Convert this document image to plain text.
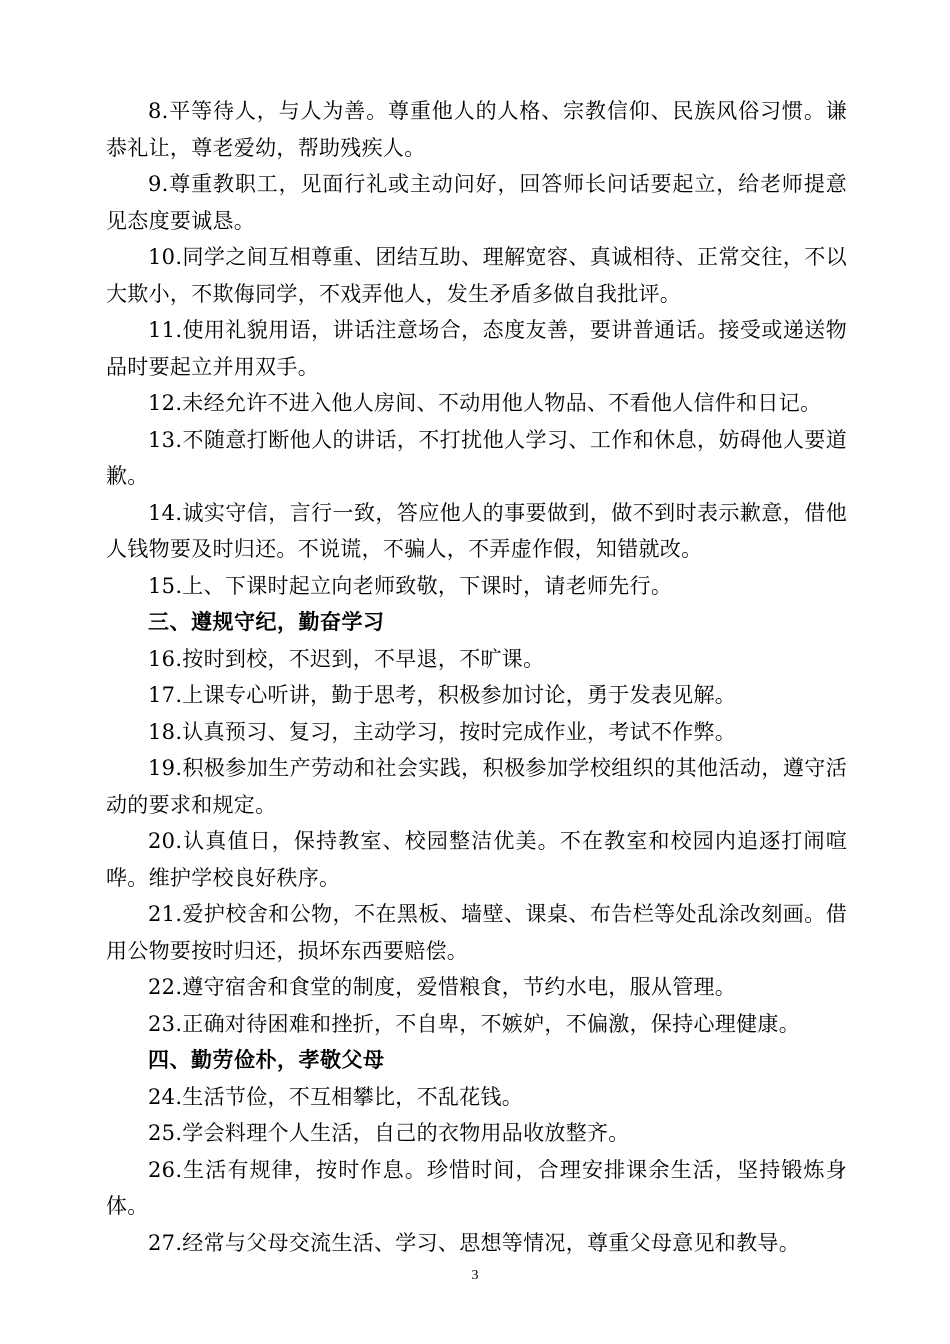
8.平等待人，与人为善。尊重他人的人格、宗教信仰、民族风俗习惯。谦恭礼让，尊老爱幼，帮助残疾人。

9.尊重教职工，见面行礼或主动问好，回答师长问话要起立，给老师提意见态度要诚恳。

10.同学之间互相尊重、团结互助、理解宽容、真诚相待、正常交往，不以大欺小，不欺侮同学，不戏弄他人，发生矛盾多做自我批评。

11.使用礼貌用语，讲话注意场合，态度友善，要讲普通话。接受或递送物品时要起立并用双手。

12.未经允许不进入他人房间、不动用他人物品、不看他人信件和日记。

13.不随意打断他人的讲话，不打扰他人学习、工作和休息，妨碍他人要道歉。

14.诚实守信，言行一致，答应他人的事要做到，做不到时表示歉意，借他人钱物要及时归还。不说谎，不骗人，不弄虚作假，知错就改。

15.上、下课时起立向老师致敬，下课时，请老师先行。

三、遵规守纪，勤奋学习

16.按时到校，不迟到，不早退，不旷课。

17.上课专心听讲，勤于思考，积极参加讨论，勇于发表见解。

18.认真预习、复习，主动学习，按时完成作业，考试不作弊。

19.积极参加生产劳动和社会实践，积极参加学校组织的其他活动，遵守活动的要求和规定。

20.认真值日，保持教室、校园整洁优美。不在教室和校园内追逐打闹喧哗。维护学校良好秩序。

21.爱护校舍和公物，不在黑板、墙壁、课桌、布告栏等处乱涂改刻画。借用公物要按时归还，损坏东西要赔偿。

22.遵守宿舍和食堂的制度，爱惜粮食，节约水电，服从管理。

23.正确对待困难和挫折，不自卑，不嫉妒，不偏激，保持心理健康。

四、勤劳俭朴，孝敬父母

24.生活节俭，不互相攀比，不乱花钱。

25.学会料理个人生活，自己的衣物用品收放整齐。

26.生活有规律，按时作息。珍惜时间，合理安排课余生活，坚持锻炼身体。

27.经常与父母交流生活、学习、思想等情况，尊重父母意见和教导。

3
